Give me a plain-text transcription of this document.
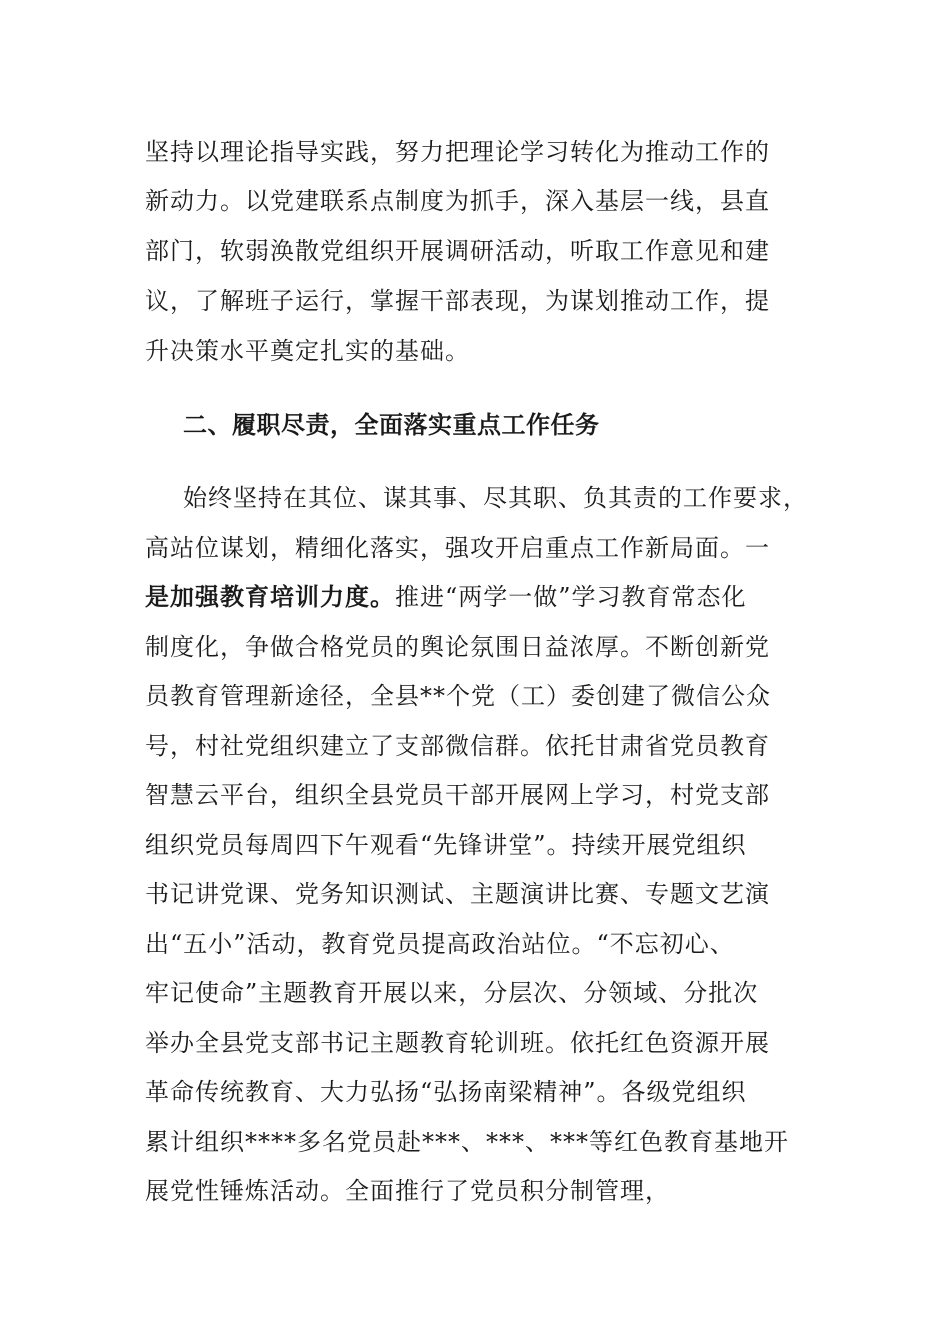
坚持以理论指导实践，努力把理论学习转化为推动工作的
新动力。以党建联系点制度为抓手，深入基层一线，县直
部门，软弱涣散党组织开展调研活动，听取工作意见和建
议，了解班子运行，掌握干部表现，为谋划推动工作，提
升决策水平奠定扎实的基础。
二、履职尽责，全面落实重点工作任务
始终坚持在其位、谋其事、尽其职、负其责的工作要求，
高站位谋划，精细化落实，强攻开启重点工作新局面。一
是加强教育培训力度。推进“两学一做”学习教育常态化
制度化，争做合格党员的舆论氛围日益浓厚。不断创新党
员教育管理新途径，全县**个党（工）委创建了微信公众
号，村社党组织建立了支部微信群。依托甘肃省党员教育
智慧云平台，组织全县党员干部开展网上学习，村党支部
组织党员每周四下午观看“先锋讲堂”。持续开展党组织
书记讲党课、党务知识测试、主题演讲比赛、专题文艺演
出“五小”活动，教育党员提高政治站位。“不忘初心、
牢记使命”主题教育开展以来，分层次、分领域、分批次
举办全县党支部书记主题教育轮训班。依托红色资源开展
革命传统教育、大力弘扬“弘扬南梁精神”。各级党组织
累计组织****多名党员赴***、***、***等红色教育基地开
展党性锤炼活动。全面推行了党员积分制管理，
